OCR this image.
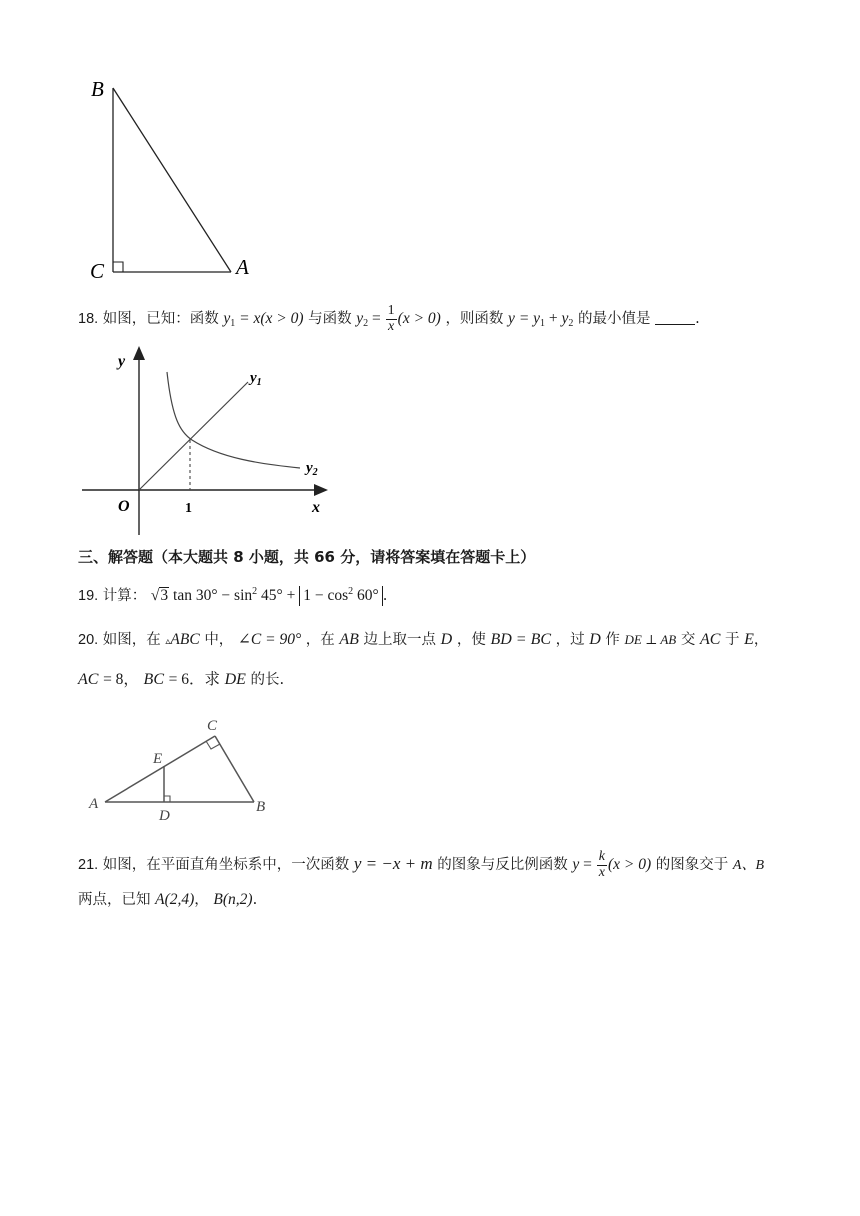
B
C	A
18. 如图，已知：函数 $y_1 = x(x > 0)$ 与函数 $y_2 = \frac{1}{x} (x > 0)$ ，则函数 $y = y_1 + y_2$ 的最小值是	.
y
x
O	1
$y_1$
$y_2$
三、解答题（本大题共 8 小题，共 66 分，请将答案填在答题卡上）
19. 计算： √3 $\tan 30^\circ - \sin^2 45^\circ + 1 - \cos^2 60^\circ$ .
20. 如图，在 ▵ABC 中， ∠C = 90° ，在 AB 边上取一点 D ，使 BD = BC ，过 D 作 DE ⊥ AB 交 AC 于 E，
AC = 8， BC = 6．求 DE 的长.
C
E
A	B
D
21. 如图，在平面直角坐标系中，一次函数 y = −x + m 的图象与反比例函数 $y = \frac{k}{x} (x > 0)$ 的图象交于 A、B
两点，已知 A(2,4)， B(n,2).
